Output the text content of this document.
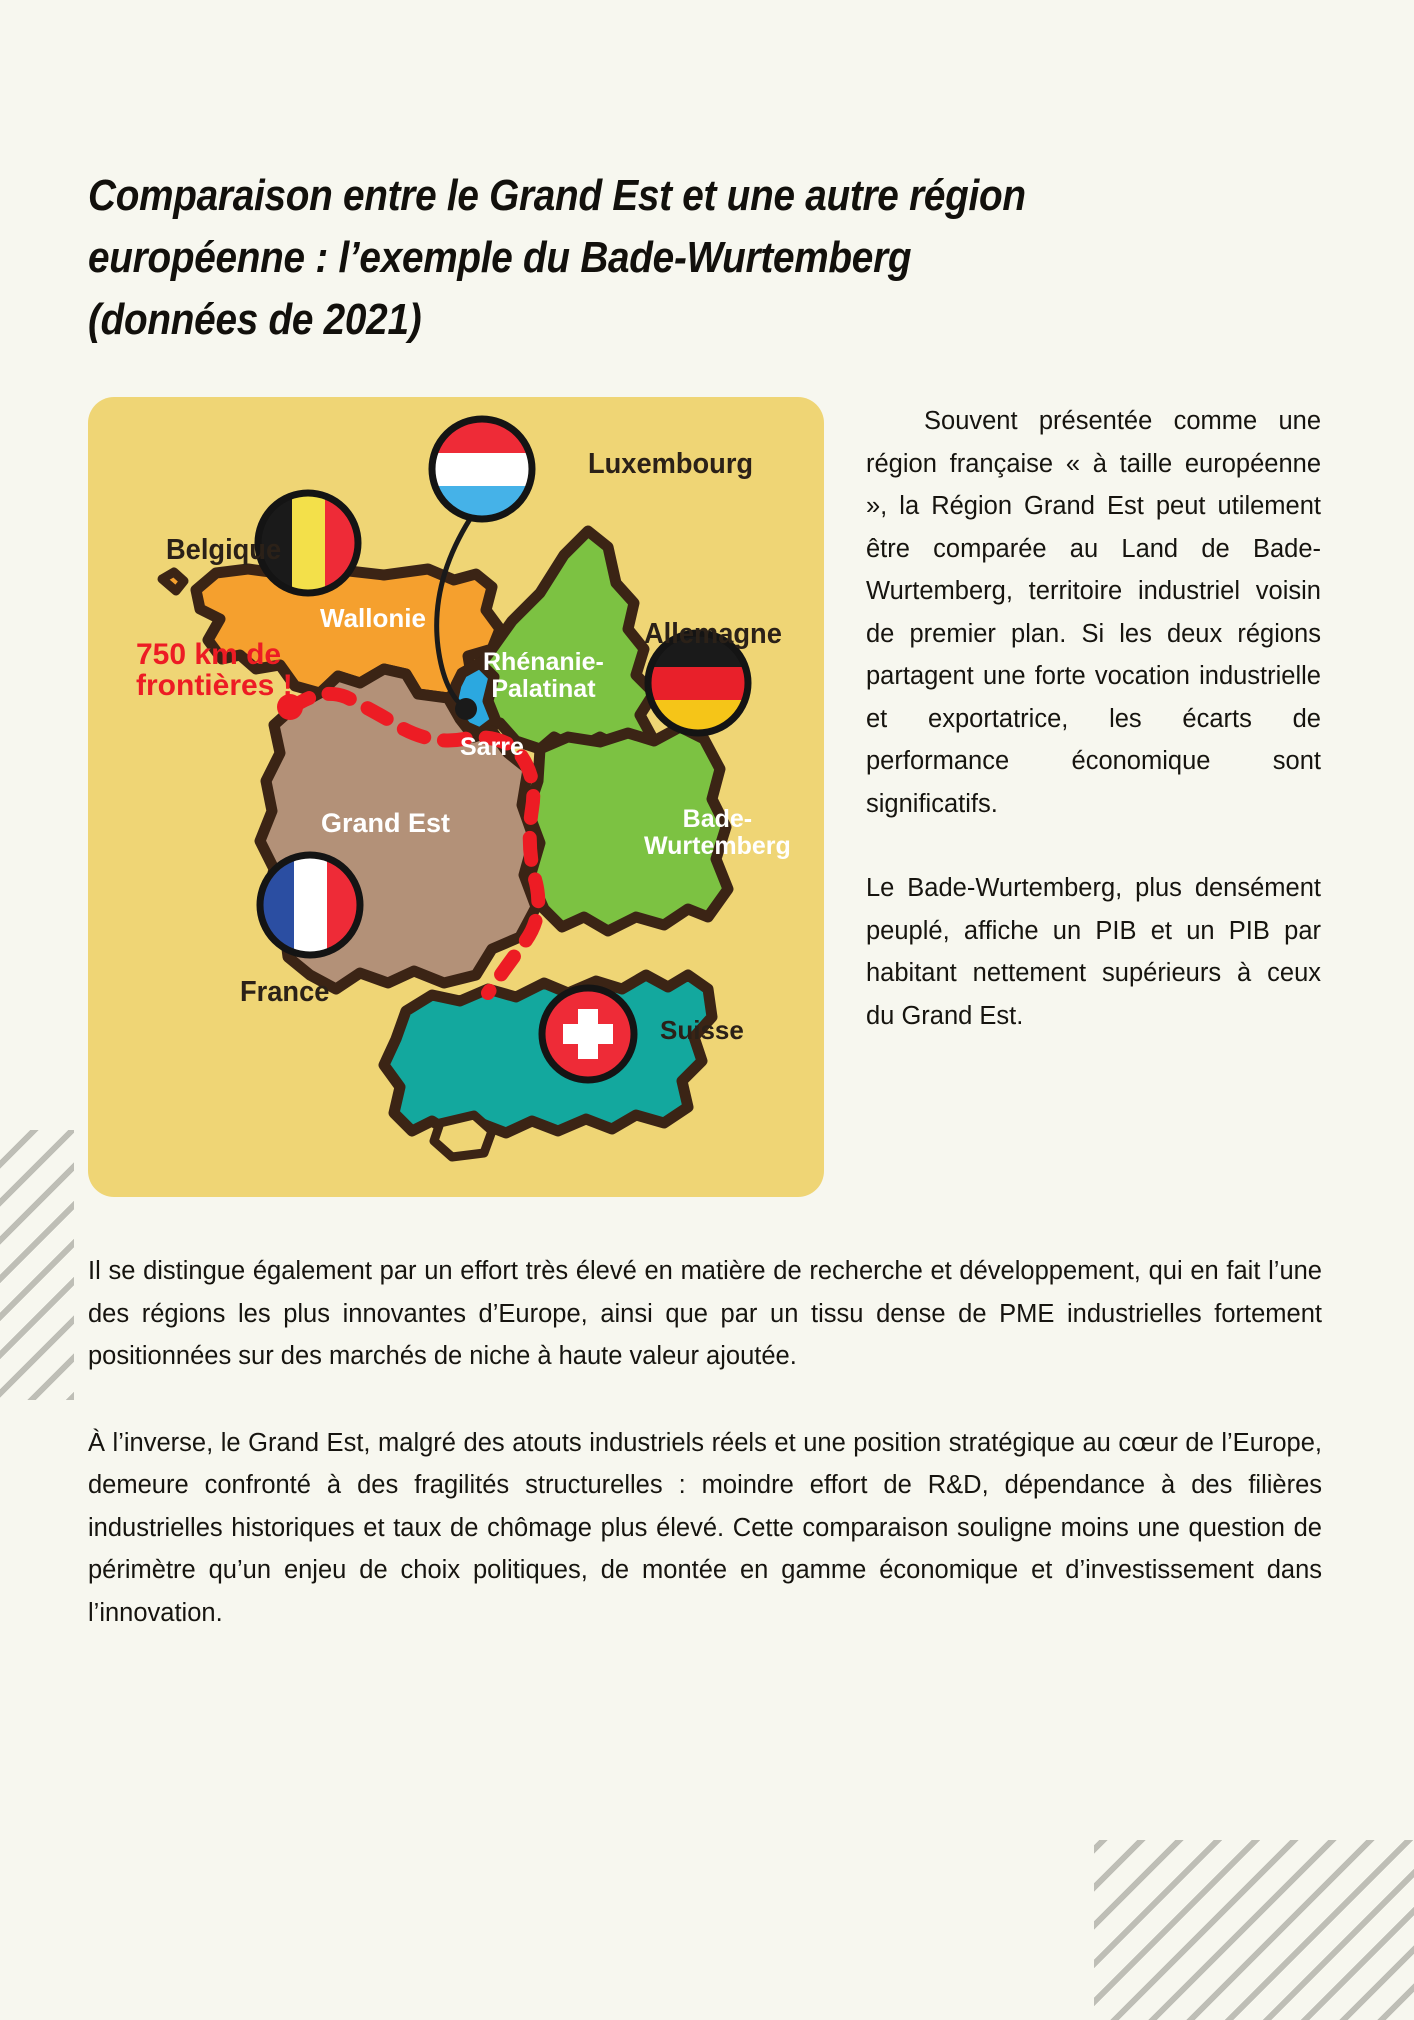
Comparaison entre le Grand Est et une autre région
européenne : l’exemple du Bade-Wurtemberg
(données de 2021)
Luxembourg
Belgique
Allemagne
France
Suisse
Wallonie
Rhénanie-
Palatinat
Sarre
Grand Est	Bade-
Wurtemberg
750 km de
frontières !

Souvent présentée comme une région française « à taille européenne », la Région Grand Est peut utilement être comparée au Land de Bade-Wurtemberg, territoire industriel voisin de premier plan. Si les deux régions partagent une forte vocation industrielle et exportatrice, les écarts de performance économique sont significatifs.

Le Bade-Wurtemberg, plus densément peuplé, affiche un PIB et un PIB par habitant nettement supérieurs à ceux du Grand Est.

Il se distingue également par un effort très élevé en matière de recherche et développement, qui en fait l’une des régions les plus innovantes d’Europe, ainsi que par un tissu dense de PME industrielles fortement positionnées sur des marchés de niche à haute valeur ajoutée.

À l’inverse, le Grand Est, malgré des atouts industriels réels et une position stratégique au cœur de l’Europe, demeure confronté à des fragilités structurelles : moindre effort de R&D, dépendance à des filières industrielles historiques et taux de chômage plus élevé. Cette comparaison souligne moins une question de périmètre qu’un enjeu de choix politiques, de montée en gamme économique et d’investissement dans l’innovation.
